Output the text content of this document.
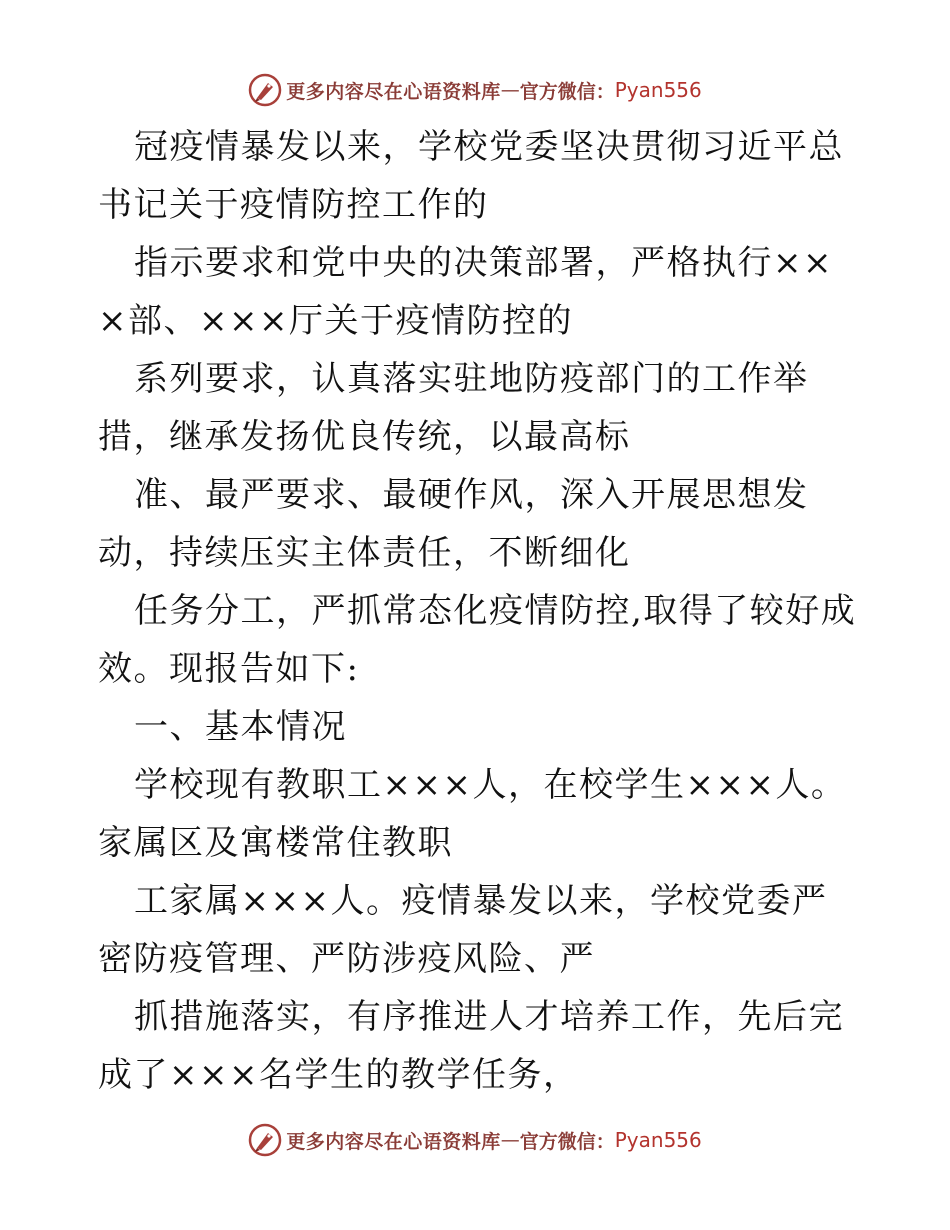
更多内容尽在心语资料库 — 官方微信： Pyan556

冠疫情暴发以来，学校党委坚决贯彻习近平总书记关于疫情防控工作的

指示要求和党中央的决策部署，严格执行×××部、×××厅关于疫情防控的

系列要求，认真落实驻地防疫部门的工作举措，继承发扬优良传统，以最高标

准、最严要求、最硬作风，深入开展思想发动，持续压实主体责任，不断细化

任务分工，严抓常态化疫情防控,取得了较好成效。现报告如下:

一、基本情况

学校现有教职工×××人，在校学生×××人。家属区及寓楼常住教职

工家属×××人。疫情暴发以来，学校党委严密防疫管理、严防涉疫风险、严

抓措施落实，有序推进人才培养工作，先后完成了×××名学生的教学任务，

更多内容尽在心语资料库 — 官方微信： Pyan556
